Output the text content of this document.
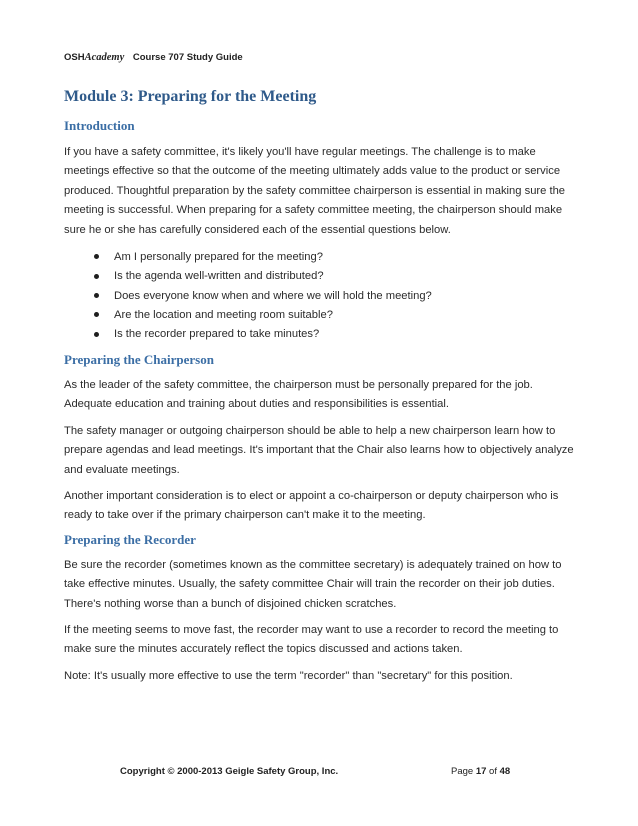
OSHAcademy Course 707 Study Guide
Module 3: Preparing for the Meeting
Introduction

If you have a safety committee, it's likely you'll have regular meetings. The challenge is to make meetings effective so that the outcome of the meeting ultimately adds value to the product or service produced. Thoughtful preparation by the safety committee chairperson is essential in making sure the meeting is successful. When preparing for a safety committee meeting, the chairperson should make sure he or she has carefully considered each of the essential questions below.

Am I personally prepared for the meeting?
Is the agenda well-written and distributed?
Does everyone know when and where we will hold the meeting?
Are the location and meeting room suitable?
Is the recorder prepared to take minutes?
Preparing the Chairperson

As the leader of the safety committee, the chairperson must be personally prepared for the job. Adequate education and training about duties and responsibilities is essential.

The safety manager or outgoing chairperson should be able to help a new chairperson learn how to prepare agendas and lead meetings. It's important that the Chair also learns how to objectively analyze and evaluate meetings.

Another important consideration is to elect or appoint a co-chairperson or deputy chairperson who is ready to take over if the primary chairperson can't make it to the meeting.

Preparing the Recorder

Be sure the recorder (sometimes known as the committee secretary) is adequately trained on how to take effective minutes. Usually, the safety committee Chair will train the recorder on their job duties. There's nothing worse than a bunch of disjoined chicken scratches.

If the meeting seems to move fast, the recorder may want to use a recorder to record the meeting to make sure the minutes accurately reflect the topics discussed and actions taken.

Note: It's usually more effective to use the term "recorder" than "secretary" for this position.

Copyright © 2000-2013 Geigle Safety Group, Inc.	Page 17 of 48
